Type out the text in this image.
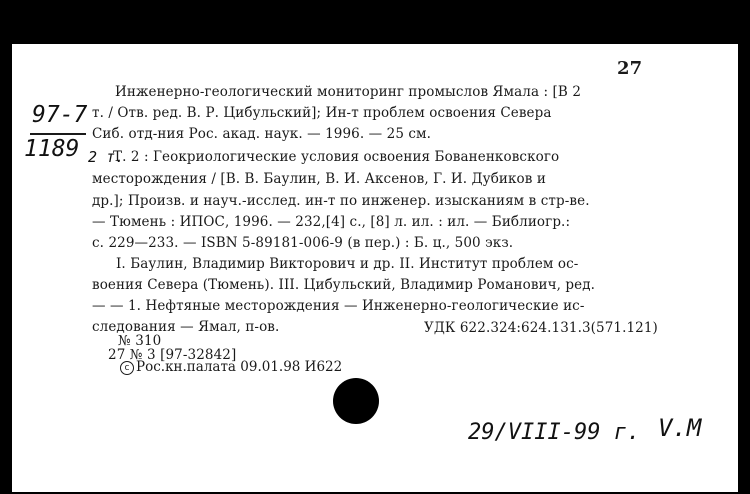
27
97-7
1189
Инженерно-геологический мониторинг промыслов Ямала : [В 2
т. / Отв. ред. В. Р. Цибульский]; Ин-т проблем освоения Севера
Сиб. отд-ния Рос. акад. наук. — 1996. — 25 см.
2 т.
Т. 2 : Геокриологические условия освоения Бованенковского
месторождения / [В. В. Баулин, В. И. Аксенов, Г. И. Дубиков и
др.]; Произв. и науч.-исслед. ин-т по инженер. изысканиям в стр-ве.
— Тюмень : ИПОС, 1996. — 232,[4] с., [8] л. ил. : ил. — Библиогр.:
с. 229—233. — ISBN 5-89181-006-9 (в пер.) : Б. ц., 500 экз.
I. Баулин, Владимир Викторович и др. II. Институт проблем ос-
воения Севера (Тюмень). III. Цибульский, Владимир Романович, ред.
— — 1. Нефтяные месторождения — Инженерно-геологические ис-
следования — Ямал, п-ов.
№ 310
УДК 622.324:624.131.3(571.121)
27 № 3 [97-32842]
c Рос.кн.палата 09.01.98 И622
29/VIII-99 г. V.M
